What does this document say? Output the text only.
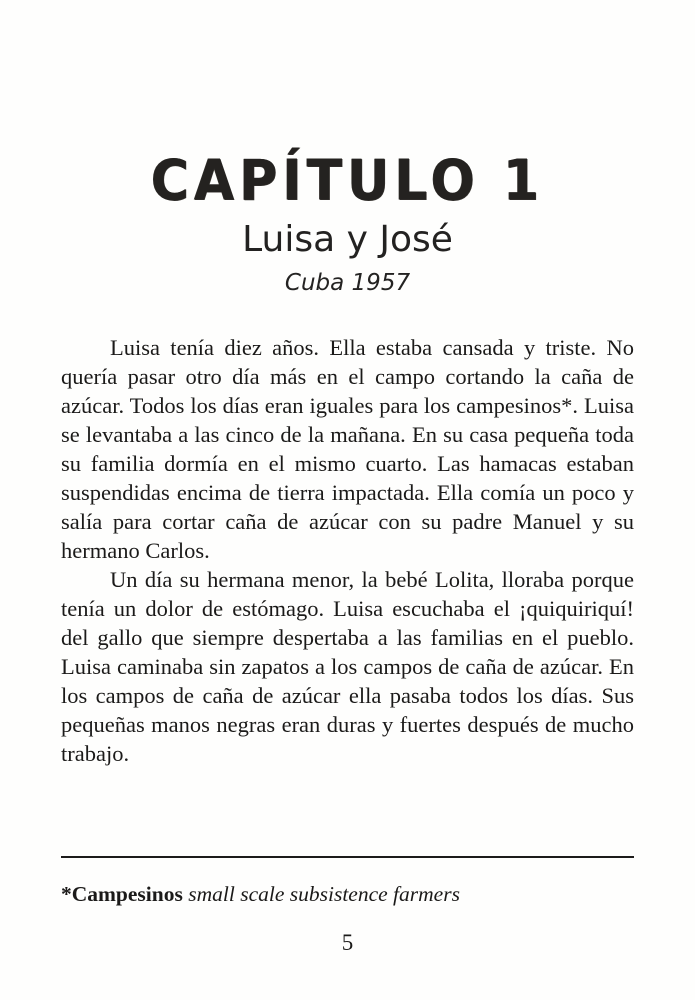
CAPÍTULO 1
Luisa y José
Cuba 1957

Luisa tenía diez años. Ella estaba cansada y triste. No quería pasar otro día más en el campo cortando la caña de azúcar. Todos los días eran iguales para los campesinos*. Luisa se levantaba a las cinco de la mañana. En su casa pequeña toda su familia dormía en el mismo cuarto. Las hamacas estaban suspendidas encima de tierra impactada. Ella comía un poco y salía para cortar caña de azúcar con su padre Manuel y su hermano Carlos.

Un día su hermana menor, la bebé Lolita, lloraba porque tenía un dolor de estómago. Luisa escuchaba el ¡quiquiriquí! del gallo que siempre despertaba a las familias en el pueblo. Luisa caminaba sin zapatos a los campos de caña de azúcar. En los campos de caña de azúcar ella pasaba todos los días. Sus pequeñas manos negras eran duras y fuertes después de mucho trabajo.

*Campesinos small scale subsistence farmers
5
